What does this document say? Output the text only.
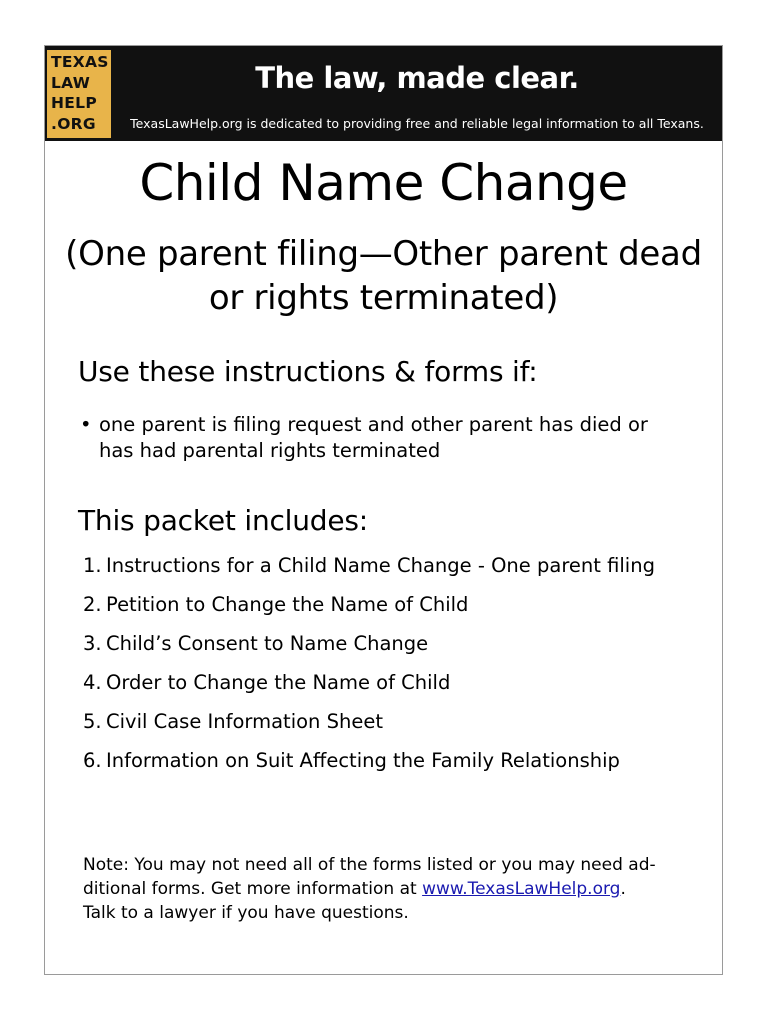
TEXAS
LAW
HELP
.ORG
The law, made clear.
TexasLawHelp.org is dedicated to providing free and reliable legal information to all Texans.
Child Name Change
(One parent filing—Other parent dead
or rights terminated)
Use these instructions & forms if:
• one parent is filing request and other parent has died or
has had parental rights terminated
This packet includes:
1. Instructions for a Child Name Change - One parent filing
2. Petition to Change the Name of Child
3. Child’s Consent to Name Change
4. Order to Change the Name of Child
5. Civil Case Information Sheet
6. Information on Suit Affecting the Family Relationship
Note: You may not need all of the forms listed or you may need ad-
ditional forms. Get more information at www.TexasLawHelp.org.
Talk to a lawyer if you have questions.
